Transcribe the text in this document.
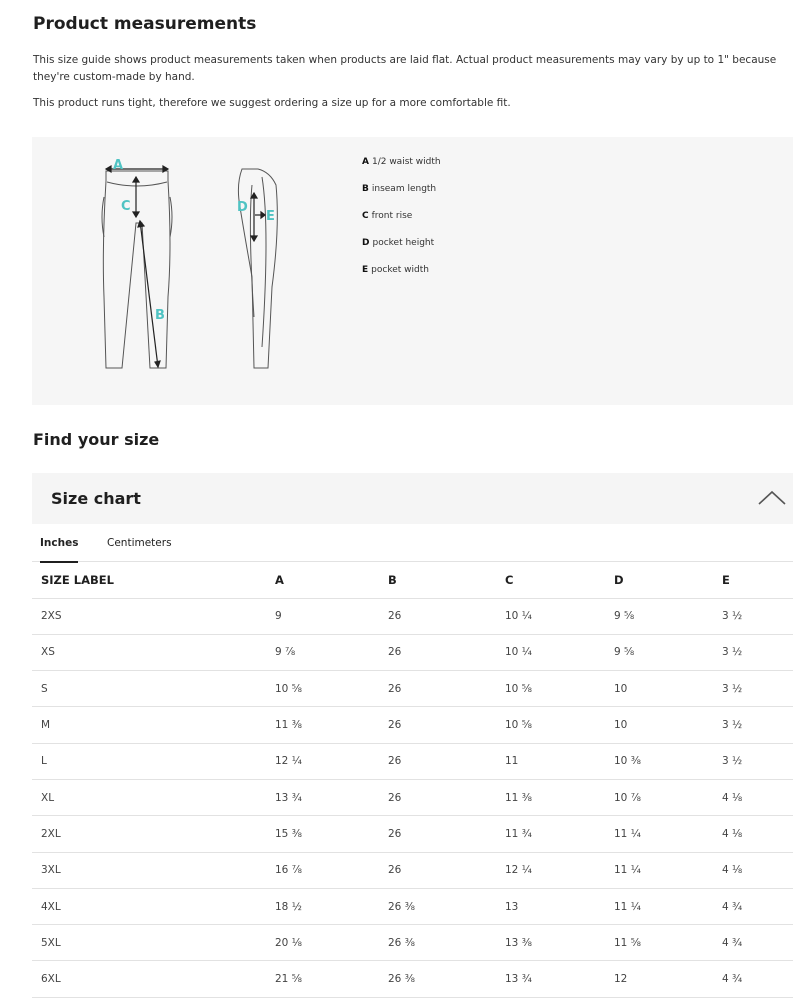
Product measurements

This size guide shows product measurements taken when products are laid flat. Actual product measurements may vary by up to 1" because they're custom-made by hand.

This product runs tight, therefore we suggest ordering a size up for a more comfortable fit.

A
C
B
D
E
A 1/2 waist width
B inseam length
C front rise
D pocket height
E pocket width
Find your size
Size chart
Inches	Centimeters
SIZE LABEL	A	B	C	D	E
2XS	9	26	10 ¼	9 ⅝	3 ½
XS	9 ⅞	26	10 ¼	9 ⅝	3 ½
S	10 ⅝	26	10 ⅝	10	3 ½
M	11 ⅜	26	10 ⅝	10	3 ½
L	12 ¼	26	11	10 ⅜	3 ½
XL	13 ¾	26	11 ⅜	10 ⅞	4 ⅛
2XL	15 ⅜	26	11 ¾	11 ¼	4 ⅛
3XL	16 ⅞	26	12 ¼	11 ¼	4 ⅛
4XL	18 ½	26 ⅜	13	11 ¼	4 ¾
5XL	20 ⅛	26 ⅜	13 ⅜	11 ⅝	4 ¾
6XL	21 ⅝	26 ⅜	13 ¾	12	4 ¾
